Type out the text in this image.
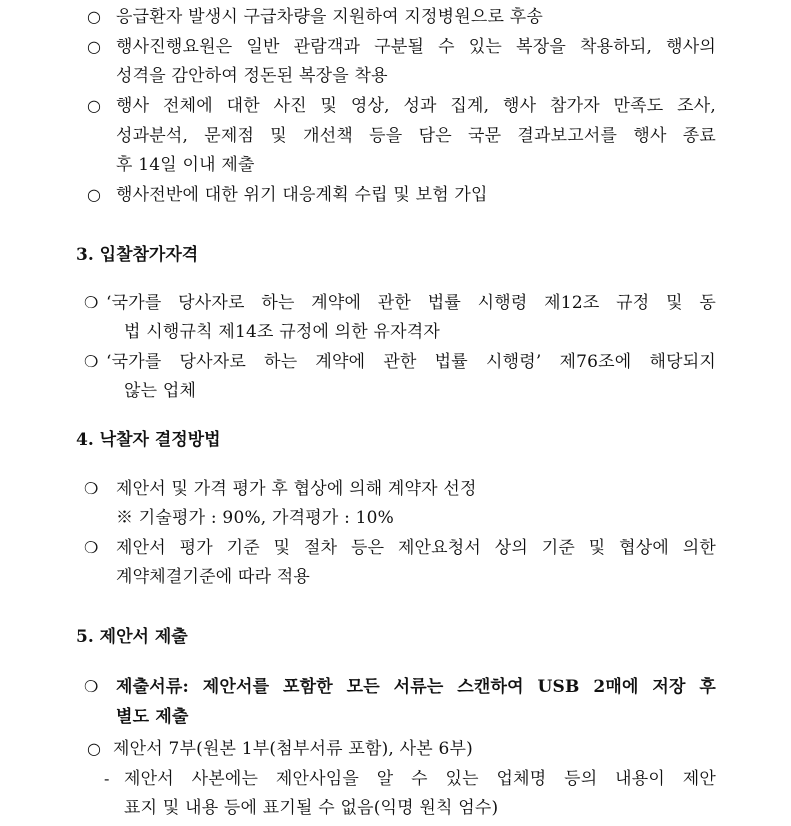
○ 응급환자 발생시 구급차량을 지원하여 지정병원으로 후송
○ 행사진행요원은 일반 관람객과 구분될 수 있는 복장을 착용하되, 행사의
성격을 감안하여 정돈된 복장을 착용
○ 행사 전체에 대한 사진 및 영상, 성과 집계, 행사 참가자 만족도 조사,
성과분석, 문제점 및 개선책 등을 담은 국문 결과보고서를 행사 종료
후 14일 이내 제출
○ 행사전반에 대한 위기 대응계획 수립 및 보험 가입
3. 입찰참가자격
❍ ‘국가를 당사자로 하는 계약에 관한 법률 시행령 제12조 규정 및 동
법 시행규칙 제14조 규정에 의한 유자격자
❍ ‘국가를 당사자로 하는 계약에 관한 법률 시행령’ 제76조에 해당되지
않는 업체
4. 낙찰자 결정방법
❍ 제안서 및 가격 평가 후 협상에 의해 계약자 선정
※ 기술평가 : 90%, 가격평가 : 10%
❍ 제안서 평가 기준 및 절차 등은 제안요청서 상의 기준 및 협상에 의한
계약체결기준에 따라 적용
5. 제안서 제출
❍ 제출서류: 제안서를 포함한 모든 서류는 스캔하여 USB 2매에 저장 후
별도 제출
○ 제안서 7부(원본 1부(첨부서류 포함), 사본 6부)
- 제안서 사본에는 제안사임을 알 수 있는 업체명 등의 내용이 제안
표지 및 내용 등에 표기될 수 없음(익명 원칙 엄수)
